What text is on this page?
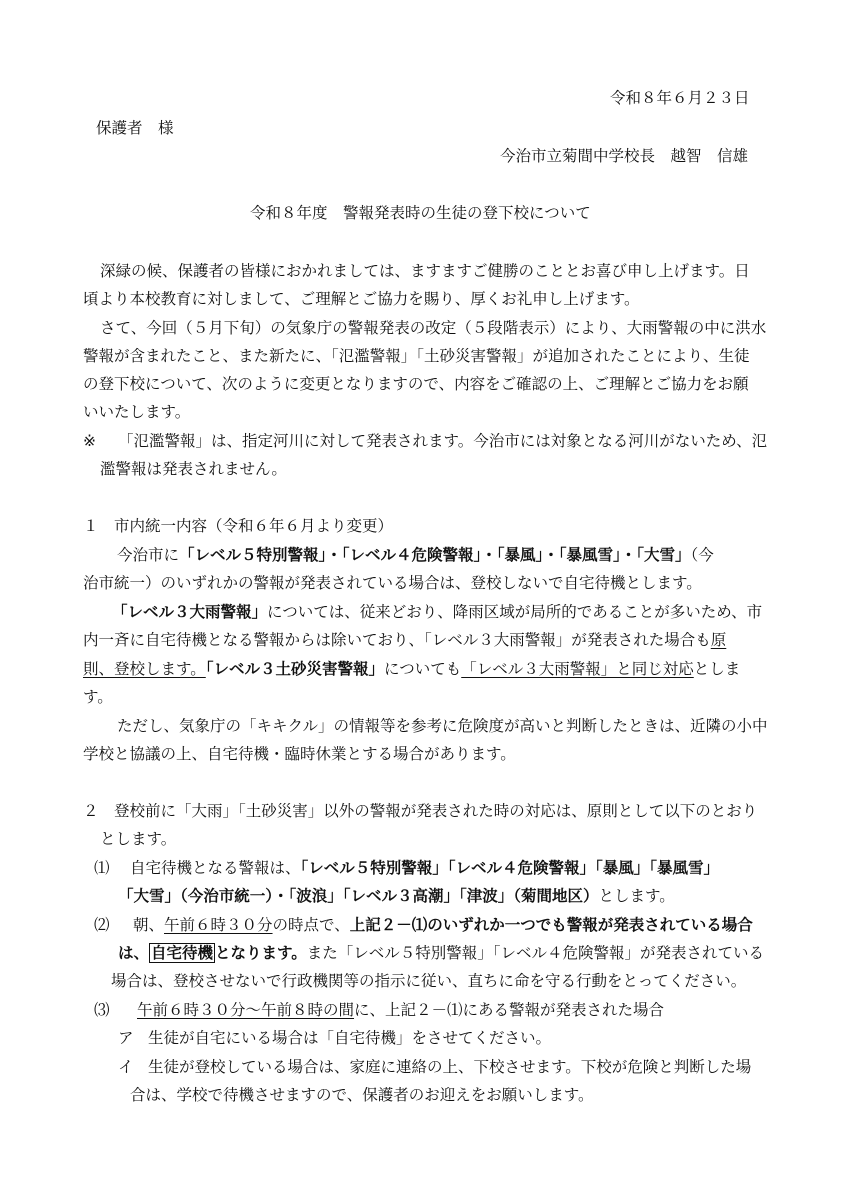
令和８年６月２３日
保護者　様
今治市立菊間中学校長　越智　信雄
令和８年度　警報発表時の生徒の登下校について
深緑の候、保護者の皆様におかれましては、ますますご健勝のこととお喜び申し上げます。日
頃より本校教育に対しまして、ご理解とご協力を賜り、厚くお礼申し上げます。
さて、今回（５月下旬）の気象庁の警報発表の改定（５段階表示）により、大雨警報の中に洪水
警報が含まれたこと、また新たに、「氾濫警報」「土砂災害警報」が追加されたことにより、生徒
の登下校について、次のように変更となりますので、内容をご確認の上、ご理解とご協力をお願
いいたします。
※ 「氾濫警報」は、指定河川に対して発表されます。今治市には対象となる河川がないため、氾
濫警報は発表されません。
１　市内統一内容（令和６年６月より変更）
今治市に「レベル５特別警報」・「レベル４危険警報」・「暴風」・「暴風雪」・「大雪」（今
治市統一）のいずれかの警報が発表されている場合は、登校しないで自宅待機とします。
「レベル３大雨警報」については、従来どおり、降雨区域が局所的であることが多いため、市
内一斉に自宅待機となる警報からは除いており、「レベル３大雨警報」が発表された場合も原
則、登校します。「レベル３土砂災害警報」についても「レベル３大雨警報」と同じ対応としま
す。
ただし、気象庁の「キキクル」の情報等を参考に危険度が高いと判断したときは、近隣の小中
学校と協議の上、自宅待機・臨時休業とする場合があります。
２　登校前に「大雨」「土砂災害」以外の警報が発表された時の対応は、原則として以下のとおり
とします。
⑴ 自宅待機となる警報は、「レベル５特別警報」「レベル４危険警報」「暴風」「暴風雪」
「大雪」（今治市統一）・「波浪」「レベル３高潮」「津波」（菊間地区）とします。
⑵ 朝、午前６時３０分の時点で、上記２－⑴のいずれか一つでも警報が発表されている場合
は、 自宅待機 となります。また「レベル５特別警報」「レベル４危険警報」が発表されている
場合は、登校させないで行政機関等の指示に従い、直ちに命を守る行動をとってください。
⑶ 午前６時３０分～午前８時の間に、上記２－⑴にある警報が発表された場合
ア 生徒が自宅にいる場合は「自宅待機」をさせてください。
イ 生徒が登校している場合は、家庭に連絡の上、下校させます。下校が危険と判断した場
合は、学校で待機させますので、保護者のお迎えをお願いします。
